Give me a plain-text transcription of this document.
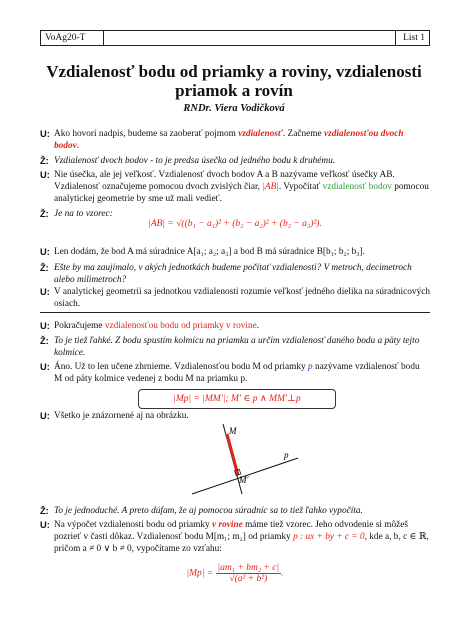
VoAg20-T	List 1
Vzdialenosť bodu od priamky a roviny, vzdialenosti priamok a rovín
RNDr. Viera Vodičková
U: Ako hovorí nadpis, budeme sa zaoberať pojmom vzdialenosť. Začneme vzdialenosťou dvoch bodov.
Ž: Vzdialenosť dvoch bodov - to je predsa úsečka od jedného bodu k druhému.
U: Nie úsečka, ale jej veľkosť. Vzdialenosť dvoch bodov A a B nazývame veľkosť úsečky AB. Vzdialenosť označujeme pomocou dvoch zvislých čiar, |AB|. Vypočítať vzdialenosť bodov pomocou analytickej geometrie by sme už mali vedieť.
Ž: Je na to vzorec:
|AB| = √((b₁ − a₁)² + (b₂ − a₂)² + (b₃ − a₃)²).
U: Len dodám, že bod A má súradnice A[a₁; a₂; a₃] a bod B má súradnice B[b₁; b₂; b₃].
Ž: Ešte by ma zaujímalo, v akých jednotkách budeme počítať vzdialenosti? V metroch, decimetroch alebo milimetroch?
U: V analytickej geometrii sa jednotkou vzdialenosti rozumie veľkosť jedného dielika na súradnicových osiach.
U: Pokračujeme vzdialenosťou bodu od priamky v rovine.
Ž: To je tiež ľahké. Z bodu spustím kolmicu na priamku a určím vzdialenosť daného bodu a päty tejto kolmice.
U: Áno. Už to len učene zhrnieme. Vzdialenosťou bodu M od priamky p nazývame vzdialenosť bodu M od päty kolmice vedenej z bodu M na priamku p.
|Mp| = |MM′|; M′ ∈ p ∧ MM′⊥p
U: Všetko je znázornené aj na obrázku.
M
M′
p
Ž: To je jednoduché. A preto dúfam, že aj pomocou súradníc sa to tiež ľahko vypočíta.
U: Na výpočet vzdialenosti bodu od priamky v rovine máme tiež vzorec. Jeho odvodenie si môžeš pozrieť v časti dôkaz. Vzdialenosť bodu M[m₁; m₂] od priamky p : ax + by + c = 0, kde a, b, c ∈ ℝ, pričom a ≠ 0 ∨ b ≠ 0, vypočítame zo vzťahu:
$|Mp| = \frac{\text{|am₁ + bm₂ + c|}}{\text{√(a² + b²)}}$ .
